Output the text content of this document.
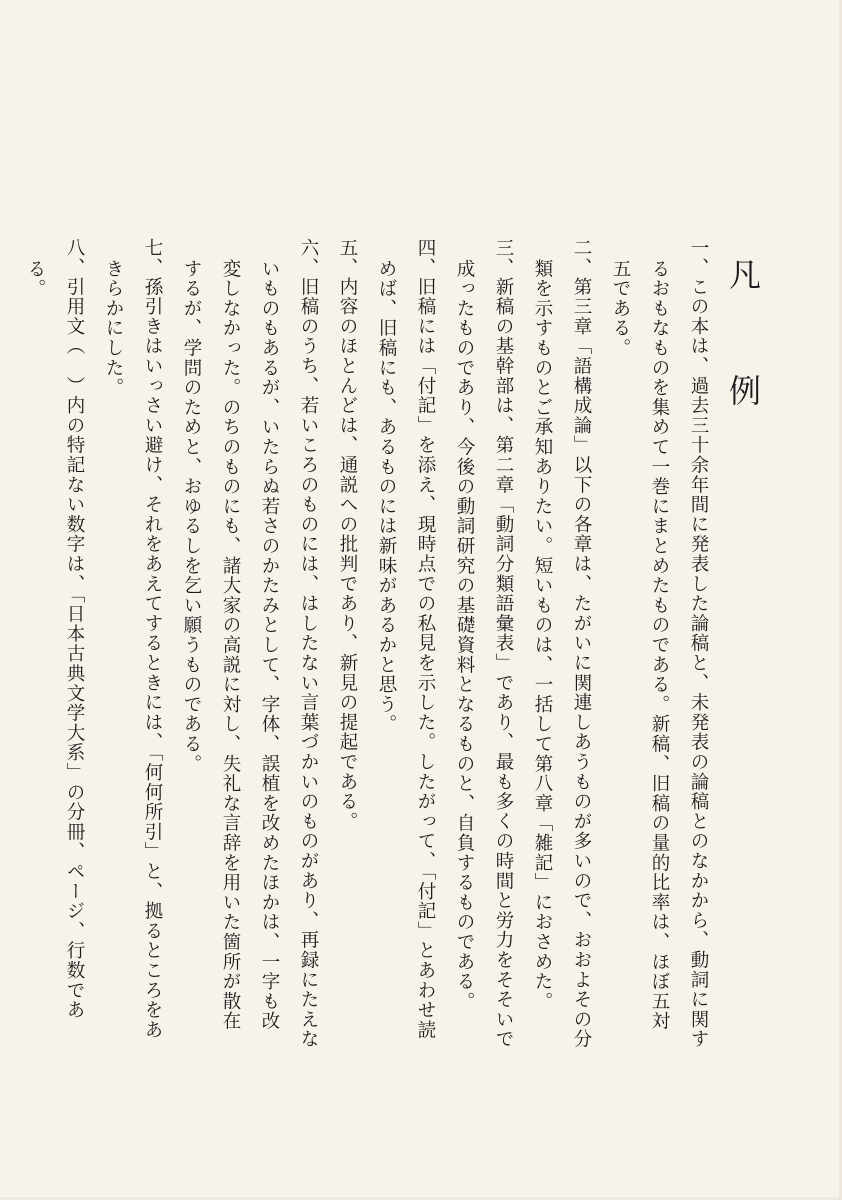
凡　例

一、この本は、過去三十余年間に発表した論稿と、未発表の論稿とのなかから、動詞に関するおもなものを集めて一巻にまとめたものである。新稿、旧稿の量的比率は、ほぼ五対五である。

二、第三章「語構成論」以下の各章は、たがいに関連しあうものが多いので、おおよその分類を示すものとご承知ありたい。短いものは、一括して第八章「雑記」におさめた。

三、新稿の基幹部は、第二章「動詞分類語彙表」であり、最も多くの時間と労力をそそいで成ったものであり、今後の動詞研究の基礎資料となるものと、自負するものである。

四、旧稿には「付記」を添え、現時点での私見を示した。したがって、「付記」とあわせ読めば、旧稿にも、あるものには新味があるかと思う。

五、内容のほとんどは、通説への批判であり、新見の提起である。

六、旧稿のうち、若いころのものには、はしたない言葉づかいのものがあり、再録にたえないものもあるが、いたらぬ若さのかたみとして、字体、誤植を改めたほかは、一字も改変しなかった。のちのものにも、諸大家の高説に対し、失礼な言辞を用いた箇所が散在するが、学問のためと、おゆるしを乞い願うものである。

七、孫引きはいっさい避け、それをあえてするときには、「何何所引」と、拠るところをあきらかにした。

八、引用文（　）内の特記ない数字は、「日本古典文学大系」の分冊、ページ、行数である。
